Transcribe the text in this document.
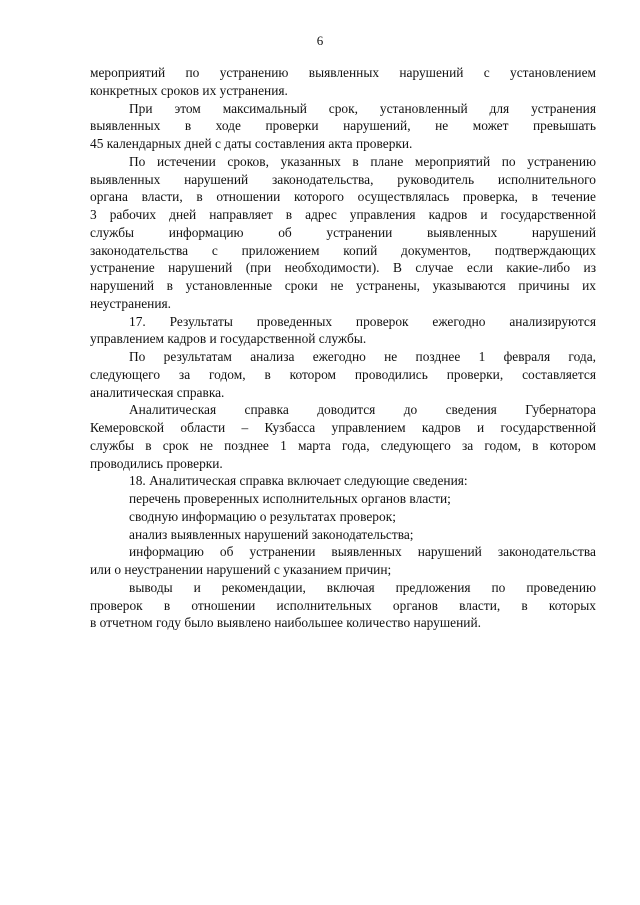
6
мероприятий по устранению выявленных нарушений с установлением
конкретных сроков их устранения.
При этом максимальный срок, установленный для устранения
выявленных в ходе проверки нарушений, не может превышать
45 календарных дней с даты составления акта проверки.
По истечении сроков, указанных в плане мероприятий по устранению
выявленных нарушений законодательства, руководитель исполнительного
органа власти, в отношении которого осуществлялась проверка, в течение
3 рабочих дней направляет в адрес управления кадров и государственной
службы информацию об устранении выявленных нарушений
законодательства с приложением копий документов, подтверждающих
устранение нарушений (при необходимости). В случае если какие-либо из
нарушений в установленные сроки не устранены, указываются причины их
неустранения.
17. Результаты проведенных проверок ежегодно анализируются
управлением кадров и государственной службы.
По результатам анализа ежегодно не позднее 1 февраля года,
следующего за годом, в котором проводились проверки, составляется
аналитическая справка.
Аналитическая справка доводится до сведения Губернатора
Кемеровской области – Кузбасса управлением кадров и государственной
службы в срок не позднее 1 марта года, следующего за годом, в котором
проводились проверки.
18. Аналитическая справка включает следующие сведения:
перечень проверенных исполнительных органов власти;
сводную информацию о результатах проверок;
анализ выявленных нарушений законодательства;
информацию об устранении выявленных нарушений законодательства
или о неустранении нарушений с указанием причин;
выводы и рекомендации, включая предложения по проведению
проверок в отношении исполнительных органов власти, в которых
в отчетном году было выявлено наибольшее количество нарушений.
